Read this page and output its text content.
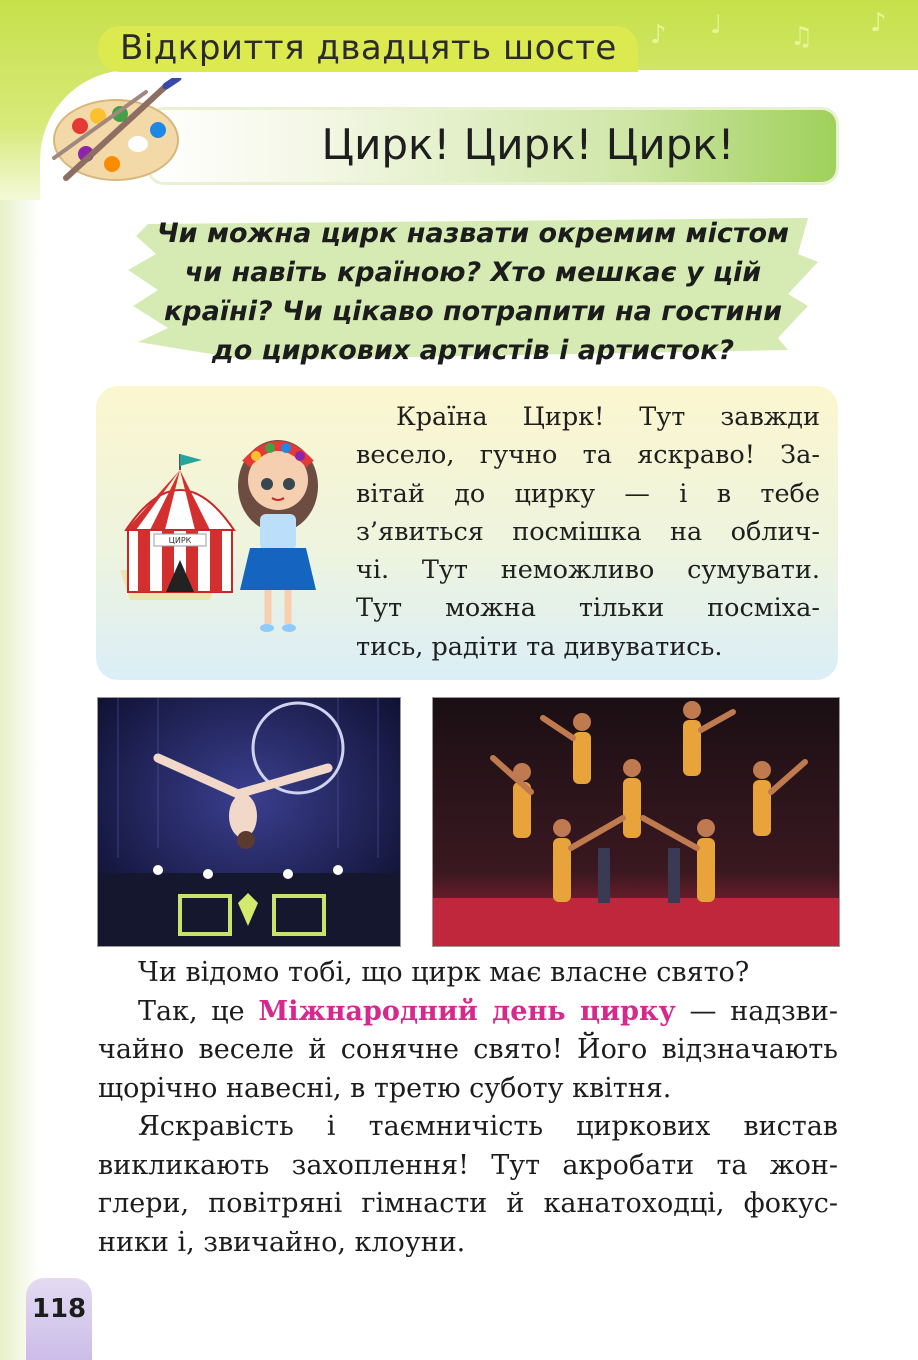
♪ ♩	♫ ♪
Відкриття двадцять шосте
Цирк! Цирк! Цирк!
Чи можна цирк назвати окремим містом
чи навіть країною? Хто мешкає у цій
країні? Чи цікаво потрапити на гостини
до циркових артистів і артисток?
ЦИРК
Країна Цирк! Тут завжди
весело, гучно та яскраво! За-
вітай до цирку — і в тебе
з’явиться посмішка на облич-
чі. Тут неможливо сумувати.
Тут можна тільки посміха-
тись, радіти та дивуватись.
Чи відомо тобі, що цирк має власне свято?
Так, це Міжнародний день цирку — надзви-
чайно веселе й сонячне свято! Його відзначають
щорічно навесні, в третю суботу квітня.
Яскравість і таємничість циркових вистав
викликають захоплення! Тут акробати та жон-
глери, повітряні гімнасти й канатоходці, фокус-
ники і, звичайно, клоуни.
118
